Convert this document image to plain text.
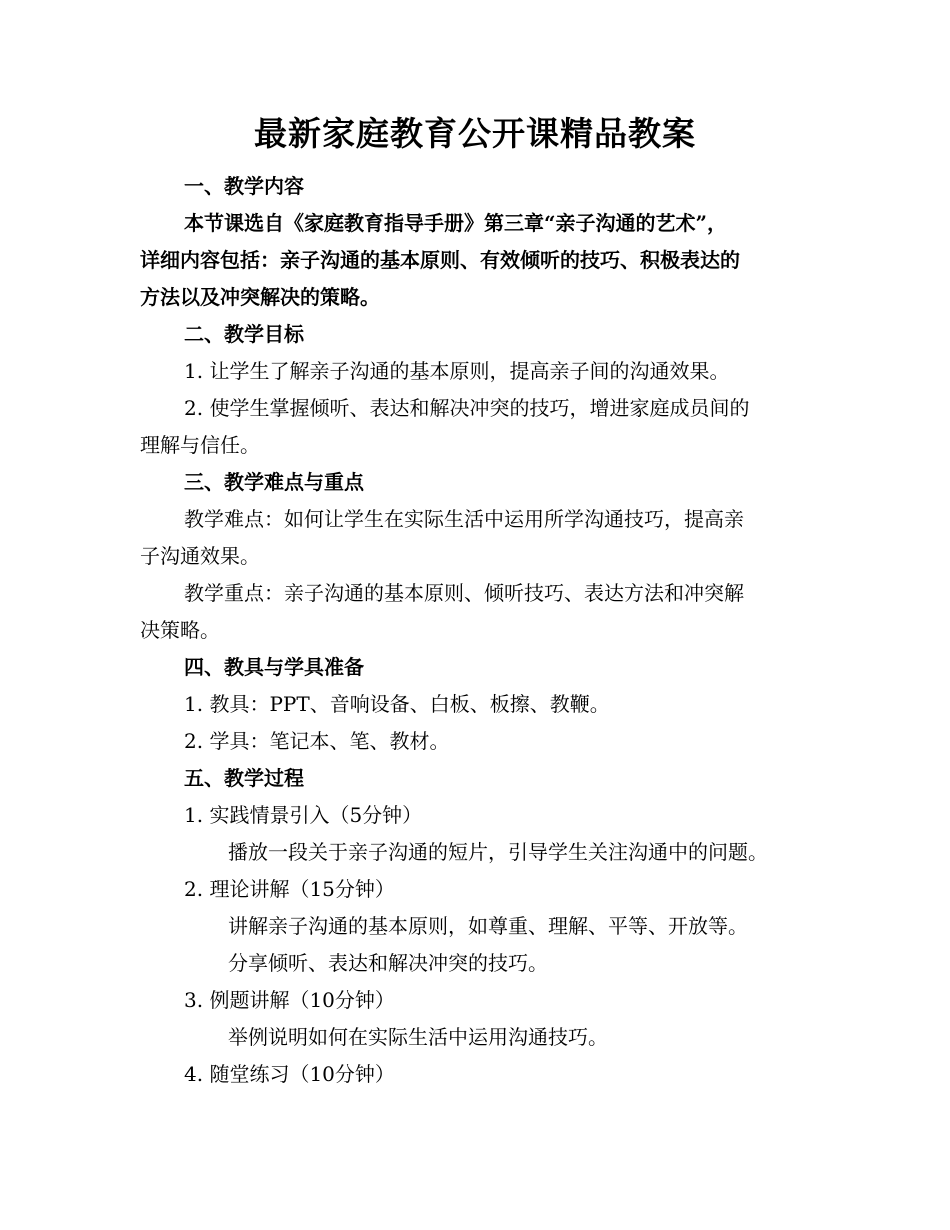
最新家庭教育公开课精品教案
一、教学内容
本节课选自《家庭教育指导手册》第三章“亲子沟通的艺术”，
详细内容包括：亲子沟通的基本原则、有效倾听的技巧、积极表达的
方法以及冲突解决的策略。
二、教学目标
1. 让学生了解亲子沟通的基本原则，提高亲子间的沟通效果。
2. 使学生掌握倾听、表达和解决冲突的技巧，增进家庭成员间的
理解与信任。
三、教学难点与重点
教学难点：如何让学生在实际生活中运用所学沟通技巧，提高亲
子沟通效果。
教学重点：亲子沟通的基本原则、倾听技巧、表达方法和冲突解
决策略。
四、教具与学具准备
1. 教具：PPT、音响设备、白板、板擦、教鞭。
2. 学具：笔记本、笔、教材。
五、教学过程
1. 实践情景引入（5分钟）
播放一段关于亲子沟通的短片，引导学生关注沟通中的问题。
2. 理论讲解（15分钟）
讲解亲子沟通的基本原则，如尊重、理解、平等、开放等。
分享倾听、表达和解决冲突的技巧。
3. 例题讲解（10分钟）
举例说明如何在实际生活中运用沟通技巧。
4. 随堂练习（10分钟）
